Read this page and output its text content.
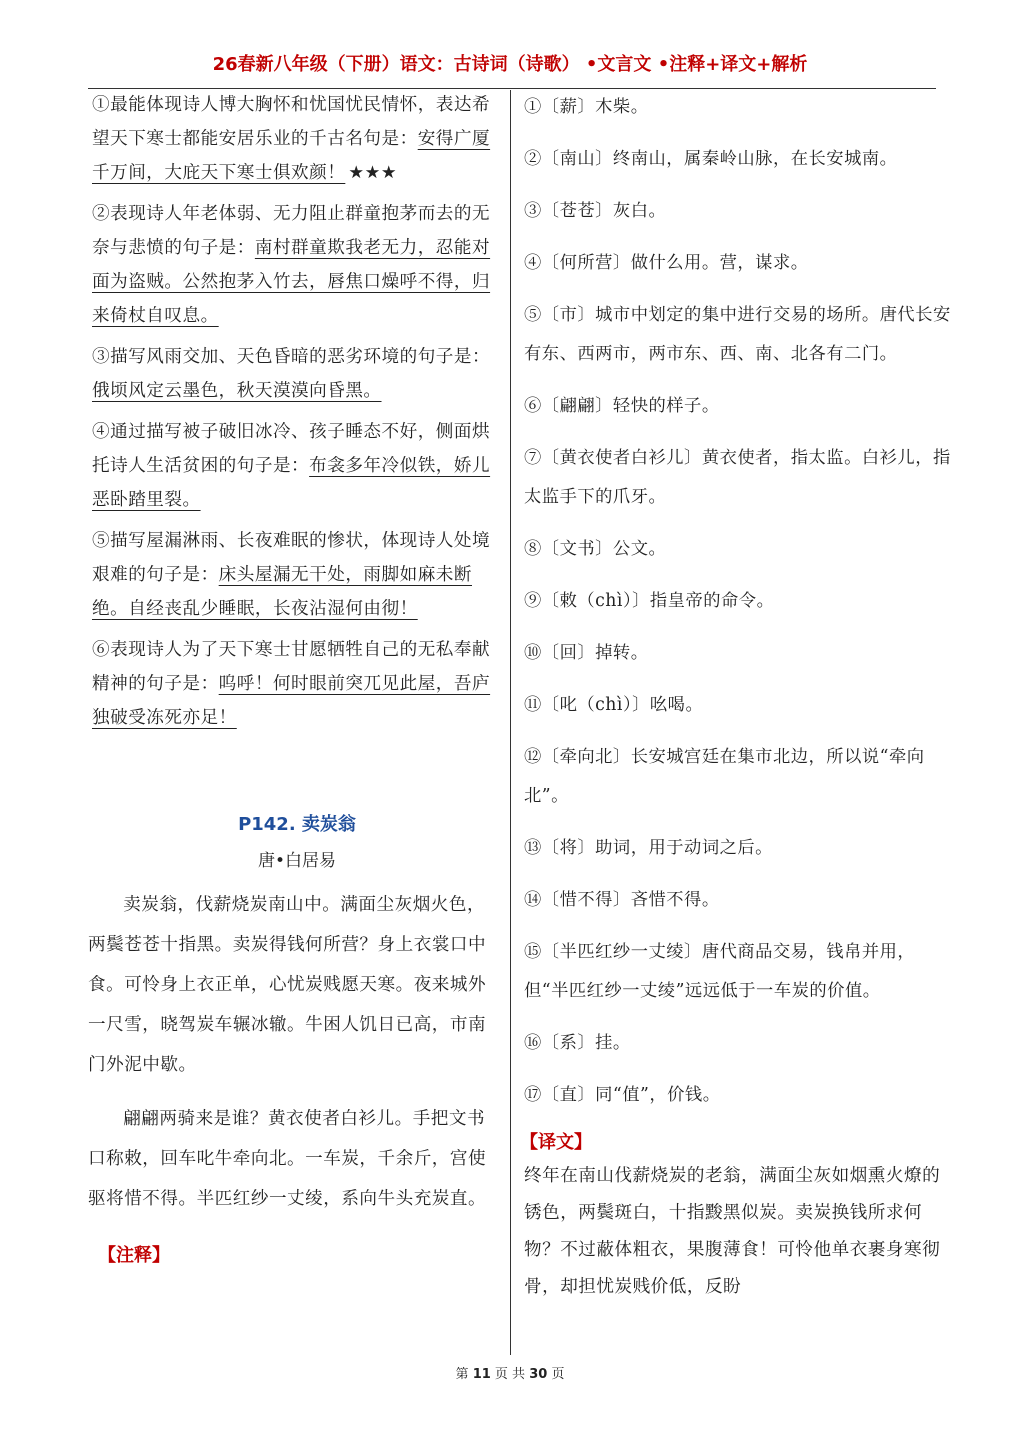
26春新八年级（下册）语文：古诗词（诗歌） •文言文 •注释+译文+解析
①最能体现诗人博大胸怀和忧国忧民情怀，表达希望天下寒士都能安居乐业的千古名句是：安得广厦千万间，大庇天下寒士俱欢颜！ ★★★
②表现诗人年老体弱、无力阻止群童抱茅而去的无奈与悲愤的句子是：南村群童欺我老无力，忍能对面为盗贼。公然抱茅入竹去，唇焦口燥呼不得，归来倚杖自叹息。
③描写风雨交加、天色昏暗的恶劣环境的句子是：俄顷风定云墨色，秋天漠漠向昏黑。
④通过描写被子破旧冰冷、孩子睡态不好，侧面烘托诗人生活贫困的句子是：布衾多年冷似铁，娇儿恶卧踏里裂。
⑤描写屋漏淋雨、长夜难眠的惨状，体现诗人处境艰难的句子是：床头屋漏无干处，雨脚如麻未断绝。自经丧乱少睡眠，长夜沾湿何由彻！
⑥表现诗人为了天下寒士甘愿牺牲自己的无私奉献精神的句子是：呜呼！何时眼前突兀见此屋，吾庐独破受冻死亦足！
P142. 卖炭翁
唐•白居易
卖炭翁，伐薪烧炭南山中。满面尘灰烟火色，两鬓苍苍十指黑。卖炭得钱何所营？身上衣裳口中食。可怜身上衣正单，心忧炭贱愿天寒。夜来城外一尺雪，晓驾炭车辗冰辙。牛困人饥日已高，市南门外泥中歇。
翩翩两骑来是谁？黄衣使者白衫儿。手把文书口称敕，回车叱牛牵向北。一车炭，千余斤，宫使驱将惜不得。半匹红纱一丈绫，系向牛头充炭直。
【注释】
①〔薪〕木柴。
②〔南山〕终南山，属秦岭山脉，在长安城南。
③〔苍苍〕灰白。
④〔何所营〕做什么用。营，谋求。
⑤〔市〕城市中划定的集中进行交易的场所。唐代长安有东、西两市，两市东、西、南、北各有二门。
⑥〔翩翩〕轻快的样子。
⑦〔黄衣使者白衫儿〕黄衣使者，指太监。白衫儿，指太监手下的爪牙。
⑧〔文书〕公文。
⑨〔敕（chì）〕指皇帝的命令。
⑩〔回〕掉转。
⑪〔叱（chì）〕吆喝。
⑫〔牵向北〕长安城宫廷在集市北边，所以说“牵向北”。
⑬〔将〕助词，用于动词之后。
⑭〔惜不得〕吝惜不得。
⑮〔半匹红纱一丈绫〕唐代商品交易，钱帛并用，但“半匹红纱一丈绫”远远低于一车炭的价值。
⑯〔系〕挂。
⑰〔直〕同“值”，价钱。
【译文】
终年在南山伐薪烧炭的老翁，满面尘灰如烟熏火燎的锈色，两鬓斑白，十指黢黑似炭。卖炭换钱所求何物？不过蔽体粗衣，果腹薄食！可怜他单衣裹身寒彻骨，却担忧炭贱价低，反盼
第 11 页 共 30 页
